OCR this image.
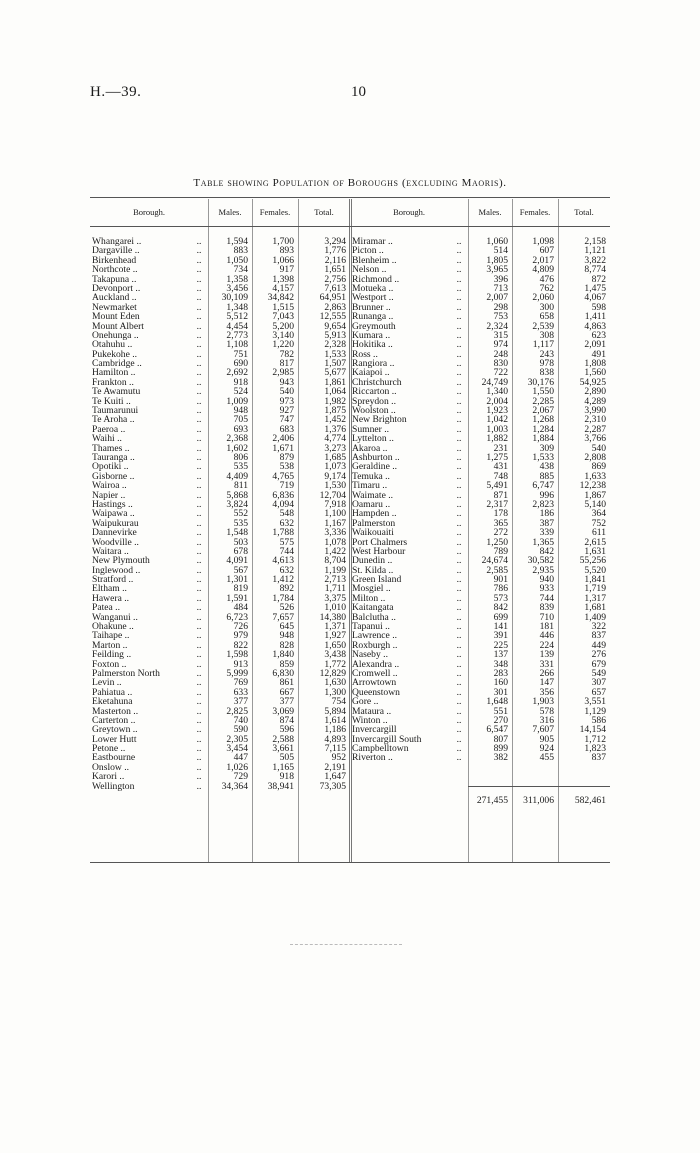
H.—39.	10
Table showing Population of Boroughs (excluding Maoris).
Borough.	Males.	Females.	Total.
Whangarei ..	..	1,594	1,700	3,294
Dargaville ..	..	883	893	1,776
Birkenhead	..	1,050	1,066	2,116
Northcote ..	..	734	917	1,651
Takapuna ..	..	1,358	1,398	2,756
Devonport ..	..	3,456	4,157	7,613
Auckland ..	..	30,109	34,842	64,951
Newmarket	..	1,348	1,515	2,863
Mount Eden	..	5,512	7,043	12,555
Mount Albert	..	4,454	5,200	9,654
Onehunga ..	..	2,773	3,140	5,913
Otahuhu ..	..	1,108	1,220	2,328
Pukekohe ..	..	751	782	1,533
Cambridge ..	..	690	817	1,507
Hamilton ..	..	2,692	2,985	5,677
Frankton ..	..	918	943	1,861
Te Awamutu	..	524	540	1,064
Te Kuiti ..	..	1,009	973	1,982
Taumarunui	..	948	927	1,875
Te Aroha ..	..	705	747	1,452
Paeroa ..	..	693	683	1,376
Waihi ..	..	2,368	2,406	4,774
Thames ..	..	1,602	1,671	3,273
Tauranga ..	..	806	879	1,685
Opotiki ..	..	535	538	1,073
Gisborne ..	..	4,409	4,765	9,174
Wairoa ..	..	811	719	1,530
Napier ..	..	5,868	6,836	12,704
Hastings ..	..	3,824	4,094	7,918
Waipawa ..	..	552	548	1,100
Waipukurau	..	535	632	1,167
Dannevirke	..	1,548	1,788	3,336
Woodville ..	..	503	575	1,078
Waitara ..	..	678	744	1,422
New Plymouth	..	4,091	4,613	8,704
Inglewood ..	..	567	632	1,199
Stratford ..	..	1,301	1,412	2,713
Eltham ..	..	819	892	1,711
Hawera ..	..	1,591	1,784	3,375
Patea ..	..	484	526	1,010
Wanganui ..	..	6,723	7,657	14,380
Ohakune ..	..	726	645	1,371
Taihape ..	..	979	948	1,927
Marton ..	..	822	828	1,650
Feilding ..	..	1,598	1,840	3,438
Foxton ..	..	913	859	1,772
Palmerston North	..	5,999	6,830	12,829
Levin ..	..	769	861	1,630
Pahiatua ..	..	633	667	1,300
Eketahuna	..	377	377	754
Masterton ..	..	2,825	3,069	5,894
Carterton ..	..	740	874	1,614
Greytown ..	..	590	596	1,186
Lower Hutt	..	2,305	2,588	4,893
Petone ..	..	3,454	3,661	7,115
Eastbourne	..	447	505	952
Onslow ..	..	1,026	1,165	2,191
Karori ..	..	729	918	1,647
Wellington	..	34,364	38,941	73,305
Borough.	Males.	Females.	Total.
Miramar ..	..	1,060	1,098	2,158
Picton ..	..	514	607	1,121
Blenheim ..	..	1,805	2,017	3,822
Nelson ..	..	3,965	4,809	8,774
Richmond ..	..	396	476	872
Motueka ..	..	713	762	1,475
Westport ..	..	2,007	2,060	4,067
Brunner ..	..	298	300	598
Runanga ..	..	753	658	1,411
Greymouth	..	2,324	2,539	4,863
Kumara ..	..	315	308	623
Hokitika ..	..	974	1,117	2,091
Ross ..	..	248	243	491
Rangiora ..	..	830	978	1,808
Kaiapoi ..	..	722	838	1,560
Christchurch	..	24,749	30,176	54,925
Riccarton ..	..	1,340	1,550	2,890
Spreydon ..	..	2,004	2,285	4,289
Woolston ..	..	1,923	2,067	3,990
New Brighton	..	1,042	1,268	2,310
Sumner ..	..	1,003	1,284	2,287
Lyttelton ..	..	1,882	1,884	3,766
Akaroa ..	..	231	309	540
Ashburton ..	..	1,275	1,533	2,808
Geraldine ..	..	431	438	869
Temuka ..	..	748	885	1,633
Timaru ..	..	5,491	6,747	12,238
Waimate ..	..	871	996	1,867
Oamaru ..	..	2,317	2,823	5,140
Hampden ..	..	178	186	364
Palmerston	..	365	387	752
Waikouaiti	..	272	339	611
Port Chalmers	..	1,250	1,365	2,615
West Harbour	..	789	842	1,631
Dunedin ..	..	24,674	30,582	55,256
St. Kilda ..	..	2,585	2,935	5,520
Green Island	..	901	940	1,841
Mosgiel ..	..	786	933	1,719
Milton ..	..	573	744	1,317
Kaitangata	..	842	839	1,681
Balclutha ..	..	699	710	1,409
Tapanui ..	..	141	181	322
Lawrence ..	..	391	446	837
Roxburgh ..	..	225	224	449
Naseby ..	..	137	139	276
Alexandra ..	..	348	331	679
Cromwell ..	..	283	266	549
Arrowtown	..	160	147	307
Queenstown	..	301	356	657
Gore ..	..	1,648	1,903	3,551
Mataura ..	..	551	578	1,129
Winton ..	..	270	316	586
Invercargill	..	6,547	7,607	14,154
Invercargill South	..	807	905	1,712
Campbelltown	..	899	924	1,823
Riverton ..	..	382	455	837
271,455	311,006	582,461
